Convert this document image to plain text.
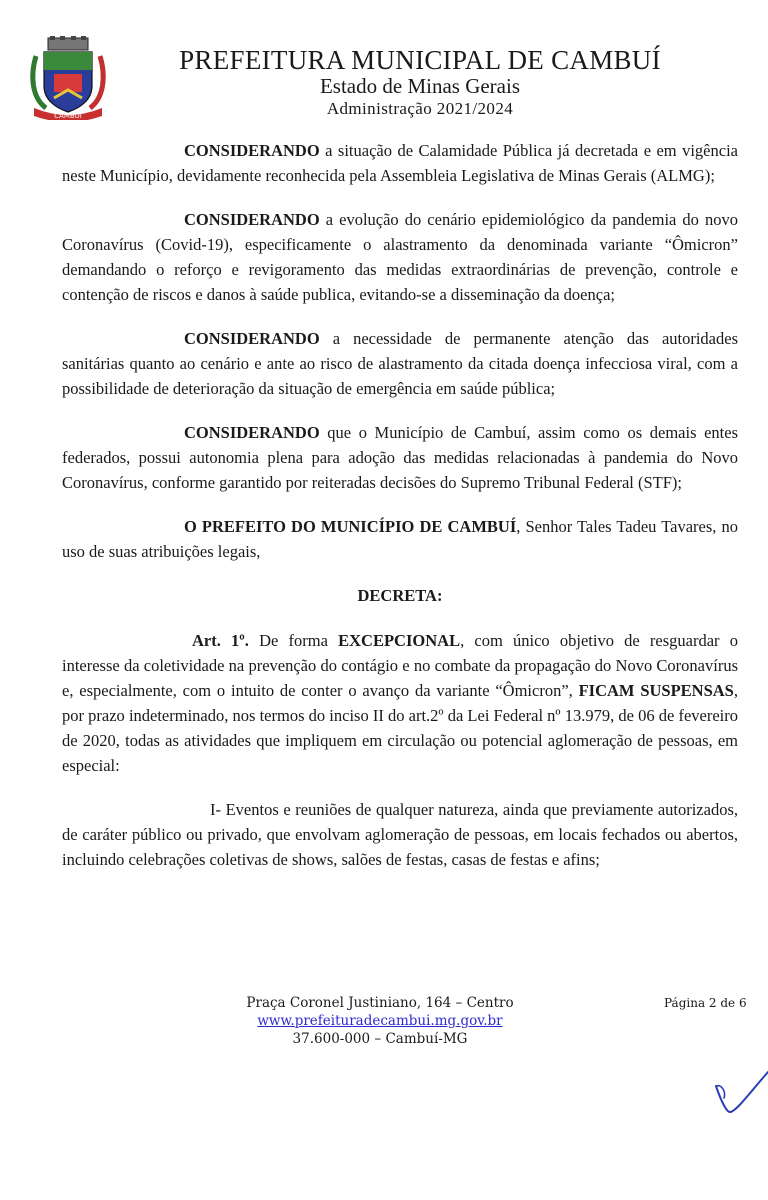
CAMBUÍ
PREFEITURA MUNICIPAL DE CAMBUÍ
Estado de Minas Gerais
Administração 2021/2024

CONSIDERANDO a situação de Calamidade Pública já decretada e em vigência neste Município, devidamente reconhecida pela Assembleia Legislativa de Minas Gerais (ALMG);

CONSIDERANDO a evolução do cenário epidemiológico da pandemia do novo Coronavírus (Covid-19), especificamente o alastramento da denominada variante “Ômicron” demandando o reforço e revigoramento das medidas extraordinárias de prevenção, controle e contenção de riscos e danos à saúde publica, evitando-se a disseminação da doença;

CONSIDERANDO a necessidade de permanente atenção das autoridades sanitárias quanto ao cenário e ante ao risco de alastramento da citada doença infecciosa viral, com a possibilidade de deterioração da situação de emergência em saúde pública;

CONSIDERANDO que o Município de Cambuí, assim como os demais entes federados, possui autonomia plena para adoção das medidas relacionadas à pandemia do Novo Coronavírus, conforme garantido por reiteradas decisões do Supremo Tribunal Federal (STF);

O PREFEITO DO MUNICÍPIO DE CAMBUÍ, Senhor Tales Tadeu Tavares, no uso de suas atribuições legais,

DECRETA:

Art. 1º. De forma EXCEPCIONAL, com único objetivo de resguardar o interesse da coletividade na prevenção do contágio e no combate da propagação do Novo Coronavírus e, especialmente, com o intuito de conter o avanço da variante “Ômicron”, FICAM SUSPENSAS, por prazo indeterminado, nos termos do inciso II do art.2º da Lei Federal nº 13.979, de 06 de fevereiro de 2020, todas as atividades que impliquem em circulação ou potencial aglomeração de pessoas, em especial:

I- Eventos e reuniões de qualquer natureza, ainda que previamente autorizados, de caráter público ou privado, que envolvam aglomeração de pessoas, em locais fechados ou abertos, incluindo celebrações coletivas de shows, salões de festas, casas de festas e afins;

Praça Coronel Justiniano, 164 – Centro
www.prefeituradecambui.mg.gov.br
37.600-000 – Cambuí-MG
Página 2 de 6
